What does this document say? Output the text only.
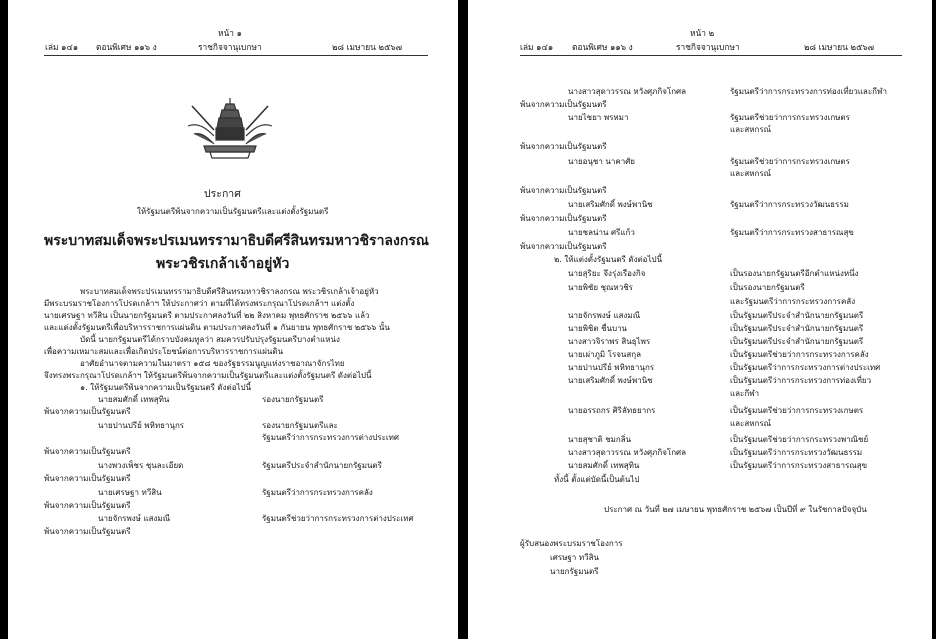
หน้า ๑
เล่ม ๑๔๑ ตอนพิเศษ ๑๑๖ ง	ราชกิจจานุเบกษา	๒๘ เมษายน ๒๕๖๗
ประกาศ
ให้รัฐมนตรีพ้นจากความเป็นรัฐมนตรีและแต่งตั้งรัฐมนตรี
พระบาทสมเด็จพระปรเมนทรรามาธิบดีศรีสินทรมหาวชิราลงกรณ
พระวชิรเกล้าเจ้าอยู่หัว
พระบาทสมเด็จพระปรเมนทรรามาธิบดีศรีสินทรมหาวชิราลงกรณ พระวชิรเกล้าเจ้าอยู่หัว
มีพระบรมราชโองการโปรดเกล้าฯ ให้ประกาศว่า ตามที่ได้ทรงพระกรุณาโปรดเกล้าฯ แต่งตั้ง
นายเศรษฐา ทวีสิน เป็นนายกรัฐมนตรี ตามประกาศลงวันที่ ๒๒ สิงหาคม พุทธศักราช ๒๕๖๖ แล้ว
และแต่งตั้งรัฐมนตรีเพื่อบริหารราชการแผ่นดิน ตามประกาศลงวันที่ ๑ กันยายน พุทธศักราช ๒๕๖๖ นั้น
บัดนี้ นายกรัฐมนตรีได้กราบบังคมทูลว่า สมควรปรับปรุงรัฐมนตรีบางตำแหน่ง
เพื่อความเหมาะสมและเพื่อเกิดประโยชน์ต่อการบริหารราชการแผ่นดิน
อาศัยอำนาจตามความในมาตรา ๑๕๘ ของรัฐธรรมนูญแห่งราชอาณาจักรไทย
จึงทรงพระกรุณาโปรดเกล้าฯ ให้รัฐมนตรีพ้นจากความเป็นรัฐมนตรีและแต่งตั้งรัฐมนตรี ดังต่อไปนี้
๑. ให้รัฐมนตรีพ้นจากความเป็นรัฐมนตรี ดังต่อไปนี้
นายสมศักดิ์ เทพสุทิน	รองนายกรัฐมนตรี
พ้นจากความเป็นรัฐมนตรี
นายปานปรีย์ พหิทธานุกร	รองนายกรัฐมนตรีและ
รัฐมนตรีว่าการกระทรวงการต่างประเทศ
พ้นจากความเป็นรัฐมนตรี
นางพวงเพ็ชร ชุนละเอียด	รัฐมนตรีประจำสำนักนายกรัฐมนตรี
พ้นจากความเป็นรัฐมนตรี
นายเศรษฐา ทวีสิน	รัฐมนตรีว่าการกระทรวงการคลัง
พ้นจากความเป็นรัฐมนตรี
นายจักรพงษ์ แสงมณี	รัฐมนตรีช่วยว่าการกระทรวงการต่างประเทศ
พ้นจากความเป็นรัฐมนตรี
หน้า ๒
เล่ม ๑๔๑ ตอนพิเศษ ๑๑๖ ง	ราชกิจจานุเบกษา	๒๘ เมษายน ๒๕๖๗
นางสาวสุดาวรรณ หวังศุภกิจโกศล	รัฐมนตรีว่าการกระทรวงการท่องเที่ยวและกีฬา
พ้นจากความเป็นรัฐมนตรี
นายไชยา พรหมา	รัฐมนตรีช่วยว่าการกระทรวงเกษตร
และสหกรณ์
พ้นจากความเป็นรัฐมนตรี
นายอนุชา นาคาศัย	รัฐมนตรีช่วยว่าการกระทรวงเกษตร
และสหกรณ์
พ้นจากความเป็นรัฐมนตรี
นายเสริมศักดิ์ พงษ์พานิช	รัฐมนตรีว่าการกระทรวงวัฒนธรรม
พ้นจากความเป็นรัฐมนตรี
นายชลน่าน ศรีแก้ว	รัฐมนตรีว่าการกระทรวงสาธารณสุข
พ้นจากความเป็นรัฐมนตรี
๒. ให้แต่งตั้งรัฐมนตรี ดังต่อไปนี้
นายสุริยะ จึงรุ่งเรืองกิจ	เป็นรองนายกรัฐมนตรีอีกตำแหน่งหนึ่ง
นายพิชัย ชุณหวชิร	เป็นรองนายกรัฐมนตรี
และรัฐมนตรีว่าการกระทรวงการคลัง
นายจักรพงษ์ แสงมณี	เป็นรัฐมนตรีประจำสำนักนายกรัฐมนตรี
นายพิชิต ชื่นบาน	เป็นรัฐมนตรีประจำสำนักนายกรัฐมนตรี
นางสาวจิราพร สินธุไพร	เป็นรัฐมนตรีประจำสำนักนายกรัฐมนตรี
นายเผ่าภูมิ โรจนสกุล	เป็นรัฐมนตรีช่วยว่าการกระทรวงการคลัง
นายปานปรีย์ พหิทธานุกร	เป็นรัฐมนตรีว่าการกระทรวงการต่างประเทศ
นายเสริมศักดิ์ พงษ์พานิช	เป็นรัฐมนตรีว่าการกระทรวงการท่องเที่ยว
และกีฬา
นายอรรถกร ศิริลัทธยากร	เป็นรัฐมนตรีช่วยว่าการกระทรวงเกษตร
และสหกรณ์
นายสุชาติ ชมกลิ่น	เป็นรัฐมนตรีช่วยว่าการกระทรวงพาณิชย์
นางสาวสุดาวรรณ หวังศุภกิจโกศล	เป็นรัฐมนตรีว่าการกระทรวงวัฒนธรรม
นายสมศักดิ์ เทพสุทิน	เป็นรัฐมนตรีว่าการกระทรวงสาธารณสุข
ทั้งนี้ ตั้งแต่บัดนี้เป็นต้นไป
ประกาศ ณ วันที่ ๒๗ เมษายน พุทธศักราช ๒๕๖๗ เป็นปีที่ ๙ ในรัชกาลปัจจุบัน
ผู้รับสนองพระบรมราชโองการ
เศรษฐา ทวีสิน
นายกรัฐมนตรี
